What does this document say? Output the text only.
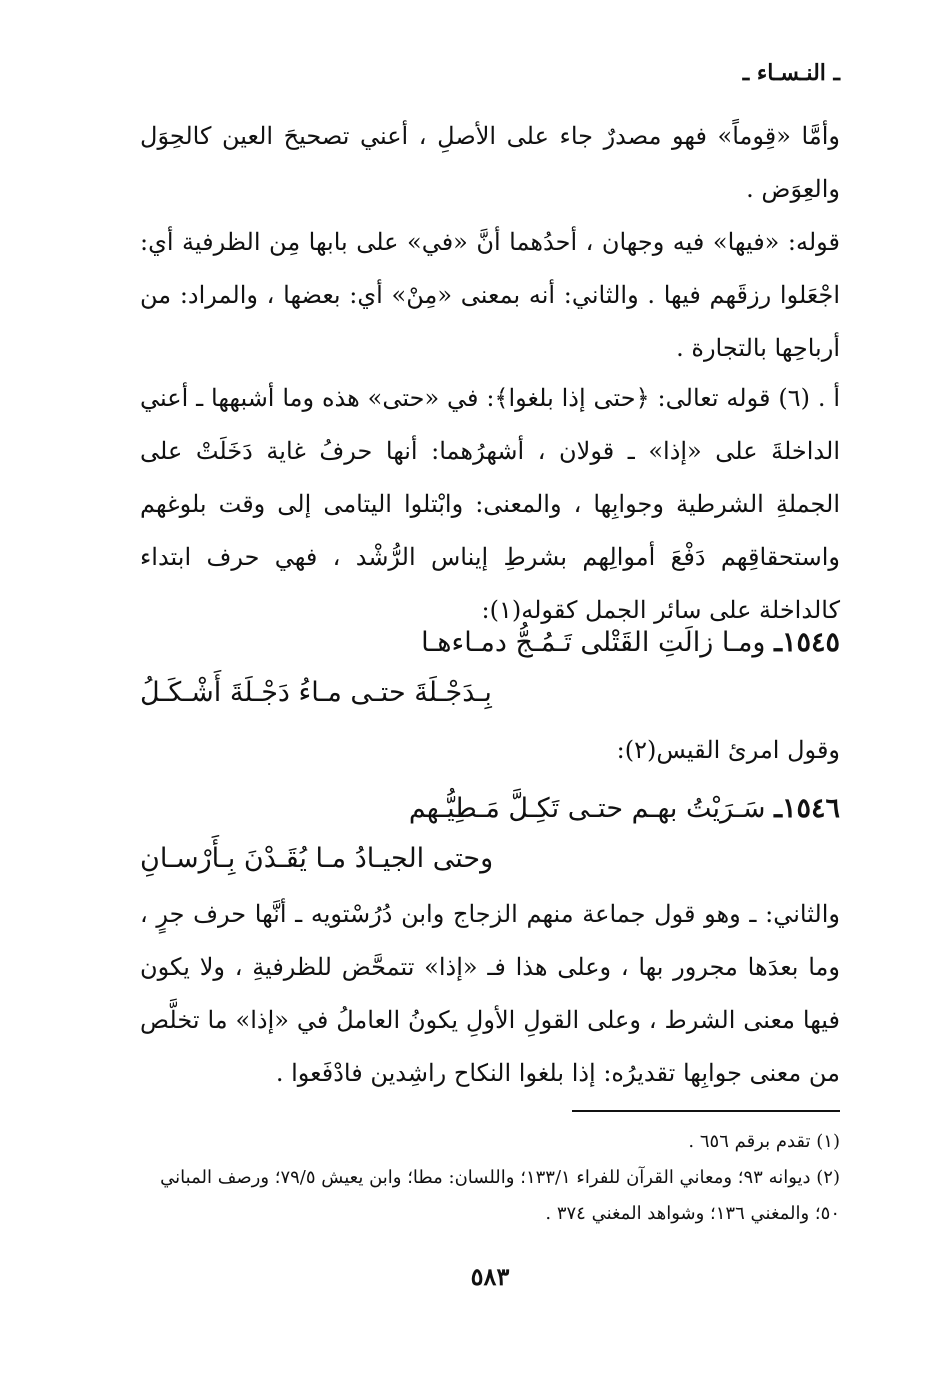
ـ النـسـاء ـ
وأمَّا «قِوماً» فهو مصدرٌ جاء على الأصلِ ، أعني تصحيحَ العين كالحِوَل والعِوَض .
قوله: «فيها» فيه وجهان ، أحدُهما أنَّ «في» على بابها مِن الظرفية أي: اجْعَلوا رزقَهم فيها . والثاني: أنه بمعنى «مِنْ» أي: بعضها ، والمراد: من أرباحِها بالتجارة .
أ . (٦) قوله تعالى: ﴿حتى إذا بلغوا﴾: في «حتى» هذه وما أشبهها ـ أعني الداخلةَ على «إذا» ـ قولان ، أشهرُهما: أنها حرفُ غاية دَخَلَتْ على الجملةِ الشرطية وجوابِها ، والمعنى: وابْتلوا اليتامى إلى وقت بلوغهم واستحقاقِهم دَفْعَ أموالِهم بشرطِ إيناس الرُّشْد ، فهي حرف ابتداء كالداخلة على سائر الجمل كقوله(١):
١٥٤٥ـ ومـا زالَتِ القَتْلى تَـمُـجُّ دمـاءهـا
بِـدَجْـلَةَ حتـى مـاءُ دَجْـلَةَ أَشْـكَـلُ
وقول امرئ القيس(٢):
١٥٤٦ـ سَـرَيْتُ بهـم حتـى تَكِـلَّ مَـطِيُّـهم
وحتى الجيـادُ مـا يُقَـدْنَ بِـأَرْسـانِ
والثاني: ـ وهو قول جماعة منهم الزجاج وابن دُرُسْتويه ـ أنَّها حرف جرٍ ، وما بعدَها مجرور بها ، وعلى هذا فـ «إذا» تتمحَّض للظرفيةِ ، ولا يكون فيها معنى الشرط ، وعلى القولِ الأولِ يكونُ العاملُ في «إذا» ما تخلَّص من معنى جوابِها تقديرُه: إذا بلغوا النكاح راشِدين فادْفَعوا .
(١) تقدم برقم ٦٥٦ .
(٢) ديوانه ٩٣؛ ومعاني القرآن للفراء ١٣٣/١؛ واللسان: مطا؛ وابن يعيش ٧٩/٥؛ ورصف المباني ٥٠؛ والمغني ١٣٦؛ وشواهد المغني ٣٧٤ .
٥٨٣
